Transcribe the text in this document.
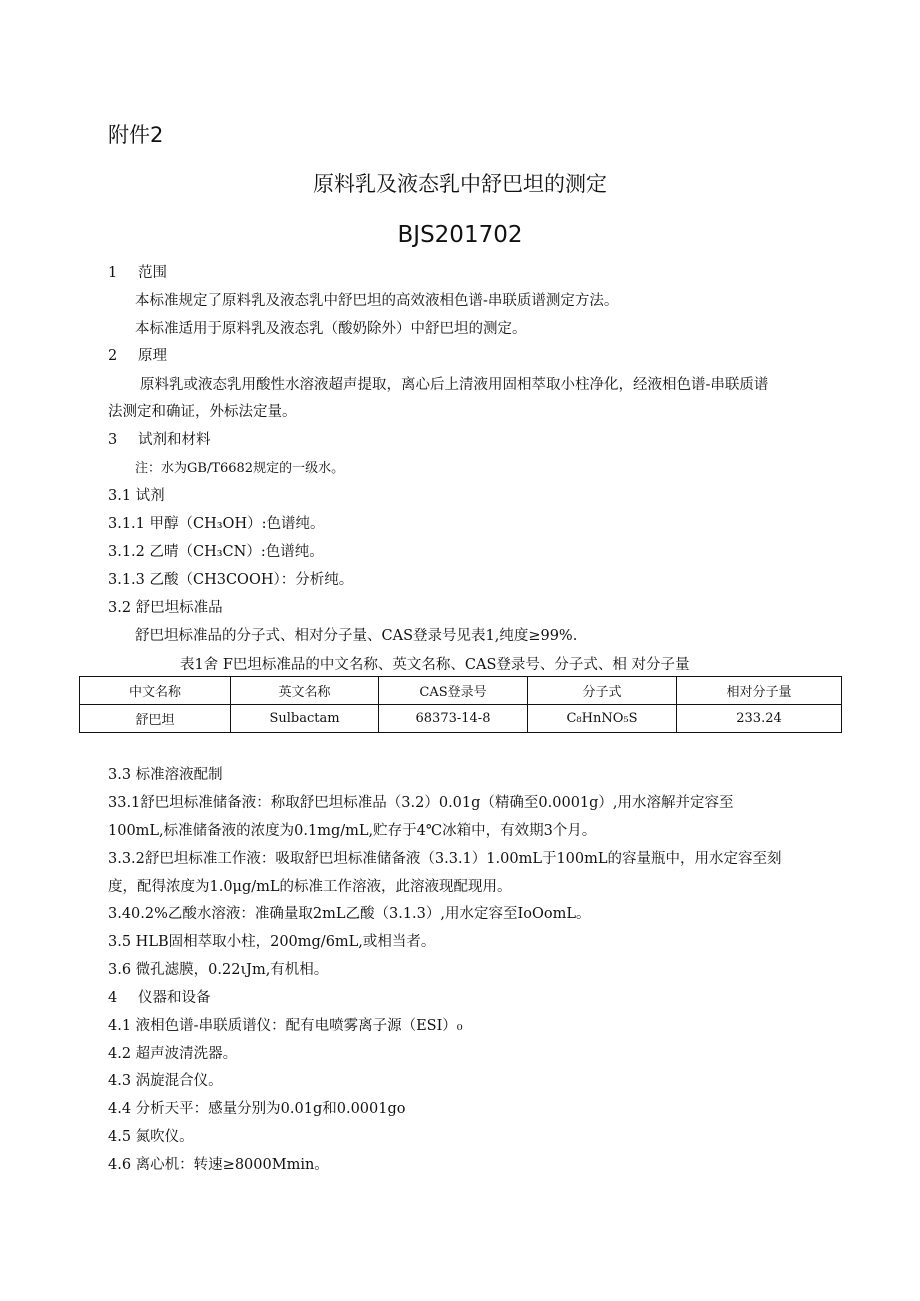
附件2
原料乳及液态乳中舒巴坦的测定
BJS201702
1 范围
本标准规定了原料乳及液态乳中舒巴坦的高效液相色谱-串联质谱测定方法。
本标准适用于原料乳及液态乳（酸奶除外）中舒巴坦的测定。
2 原理
原料乳或液态乳用酸性水溶液超声提取，离心后上清液用固相萃取小柱净化，经液相色谱-串联质谱
法测定和确证，外标法定量。
3 试剂和材料
注：水为GB/T6682规定的一级水。
3.1 试剂
3.1.1 甲醇（CH₃OH）:色谱纯。
3.1.2 乙晴（CH₃CN）:色谱纯。
3.1.3 乙酸（CH3COOH）：分析纯。
3.2 舒巴坦标准品
舒巴坦标准品的分子式、相对分子量、CAS登录号见表1,纯度≥99%.
表1舍 F巴坦标准品的中文名称、英文名称、CAS登录号、分子式、相 对分子量
中文名称	英文名称	CAS登录号	分子式	相对分子量
舒巴坦	Sulbactam	68373-14-8	C₈HnNO₅S	233.24
3.3 标准溶液配制
33.1舒巴坦标准储备液：称取舒巴坦标准品（3.2）0.01g（精确至0.0001g）,用水溶解并定容至
100mL,标准储备液的浓度为0.1mg/mL,贮存于4℃冰箱中，有效期3个月。
3.3.2舒巴坦标准工作液：吸取舒巴坦标准储备液（3.3.1）1.00mL于100mL的容量瓶中，用水定容至刻
度，配得浓度为1.0μg/mL的标准工作溶液，此溶液现配现用。
3.40.2%乙酸水溶液：准确量取2mL乙酸（3.1.3）,用水定容至IoOomL。
3.5 HLB固相萃取小柱，200mg/6mL,或相当者。
3.6 微孔滤膜，0.22ιJm,有机相。
4 仪器和设备
4.1 液相色谱-串联质谱仪：配有电喷雾离子源（ESI）₀
4.2 超声波清洗器。
4.3 涡旋混合仪。
4.4 分析天平：感量分别为0.01g和0.0001go
4.5 氮吹仪。
4.6 离心机：转速≥8000Mmin。
